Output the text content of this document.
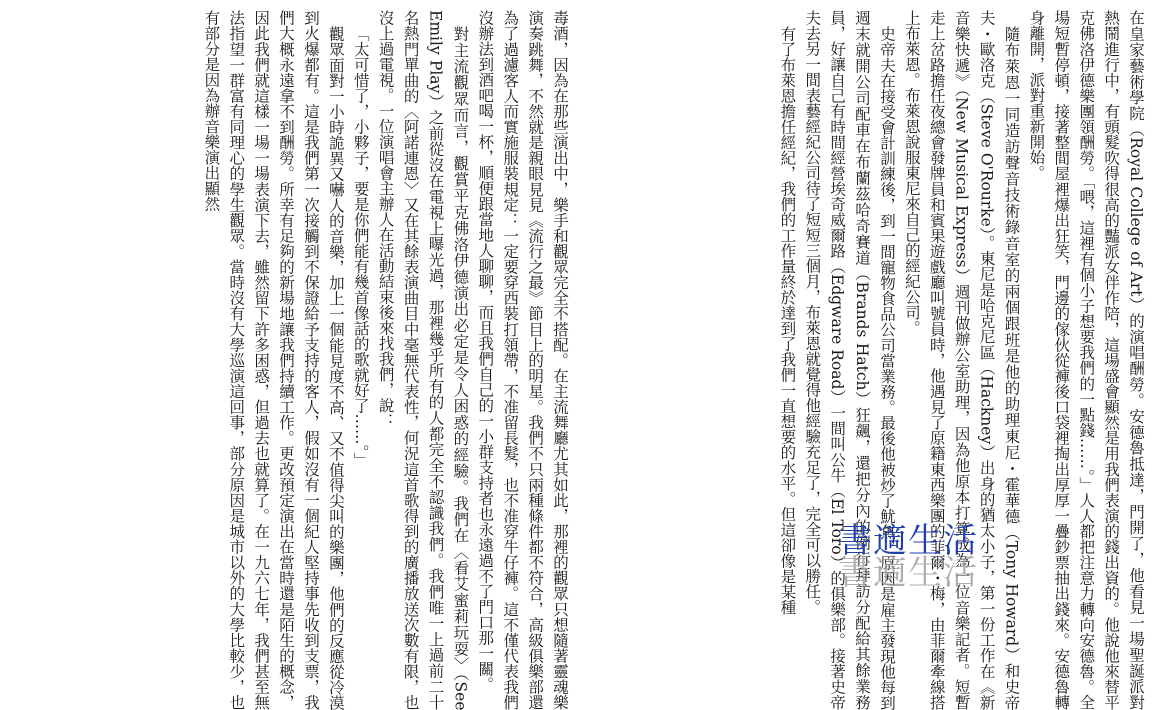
在皇家藝術學院（Royal College of Art）的演唱酬勞。安德魯抵達，門開了，他看見一場聖誕派對熱鬧進行中，有頭髮吹得很高的豔派女伴作陪，這場盛會顯然是用我們表演的錢出資的。他說他來替平克佛洛伊德樂團領酬勞。「喂，這裡有個小子想要我們的一點錢……。」人人都把注意力轉向安德魯。全場短暫停頓，接著整間屋裡爆出狂笑，門邊的傢伙從褲後口袋裡掏出厚厚一疊鈔票抽出錢來。安德魯轉身離開，派對重新開始。

隨布萊恩一同造訪聲音技術錄音室的兩個跟班是他的助理東尼・霍華德（Tony Howard）和史帝夫・歐洛克（Steve O'Rourke）。東尼是哈克尼區（Hackney）出身的猶太小子，第一份工作在《新音樂快遞》（New Musical Express）週刊做辦公室助理，因為他原本打算成為一位音樂記者。短暫走上岔路擔任夜總會發牌員和賓果遊戲廳叫號員時，他遇見了原籍東西樂團的菲爾・梅，由菲爾牽線搭上布萊恩。布萊恩說服東尼來自己的經紀公司。

史帝夫在接受會計訓練後，到一間寵物食品公司當業務。最後他被炒了魷魚，原因是雇主發現他每到週末就開公司配車在布蘭茲哈奇賽道（Brands Hatch）狂飆，還把分內的例行拜訪分配給其餘業務員，好讓自己有時間經營埃奇威爾路（Edgware Road）一間叫公牛（El Toro）的俱樂部。接著史帝夫去另一間表藝經紀公司待了短短三個月，布萊恩就覺得他經驗充足了，完全可以勝任。

有了布萊恩擔任經紀，我們的工作量終於達到了我們一直想要的水平。但這卻像是某種

毒酒，因為在那些演出中，樂手和觀眾完全不搭配。在主流舞廳尤其如此，那裡的觀眾只想隨著靈魂樂演奏跳舞，不然就是親眼見見《流行之最》節目上的明星。我們不只兩種條件都不符合，高級俱樂部還為了過濾客人而實施服裝規定：一定要穿西裝打領帶，不准留長髮，也不准穿牛仔褲。這不僅代表我們沒辦法到酒吧喝一杯，順便跟當地人聊聊，而且我們自己的一小群支持者也永遠過不了門口那一關。

對主流觀眾而言，觀賞平克佛洛伊德演出必定是令人困惑的經驗。我們在〈看艾蜜莉玩耍〉（See Emily Play）之前從沒在電視上曝光過，那裡幾乎所有的人都完全不認識我們。我們唯一上過前二十名熱門單曲的〈阿諾連恩〉又在其餘表演曲目中毫無代表性，何況這首歌得到的廣播放送次數有限，也沒上過電視。一位演唱會主辦人在活動結束後來找我們，說：

「太可惜了，小夥子，要是你們能有幾首像話的歌就好了……。」

觀眾面對一小時詭異又嚇人的音樂，加上一個能見度不高、又不值得尖叫的樂團，他們的反應從冷漠到火爆都有。這是我們第一次接觸到不保證給予支持的客人，假如沒有一個紀人堅持事先收到支票，我們大概永遠拿不到酬勞。所幸有足夠的新場地讓我們持續工作。更改預定演出在當時還是陌生的概念，因此我們就這樣一場一場表演下去，雖然留下許多困惑，但過去也就算了。在一九六七年，我們甚至無法指望一群富有同理心的學生觀眾。當時沒有大學巡演這回事，部分原因是城市以外的大學比較少，也有部分是因為辦音樂演出顯然

書適生活
書適生活
